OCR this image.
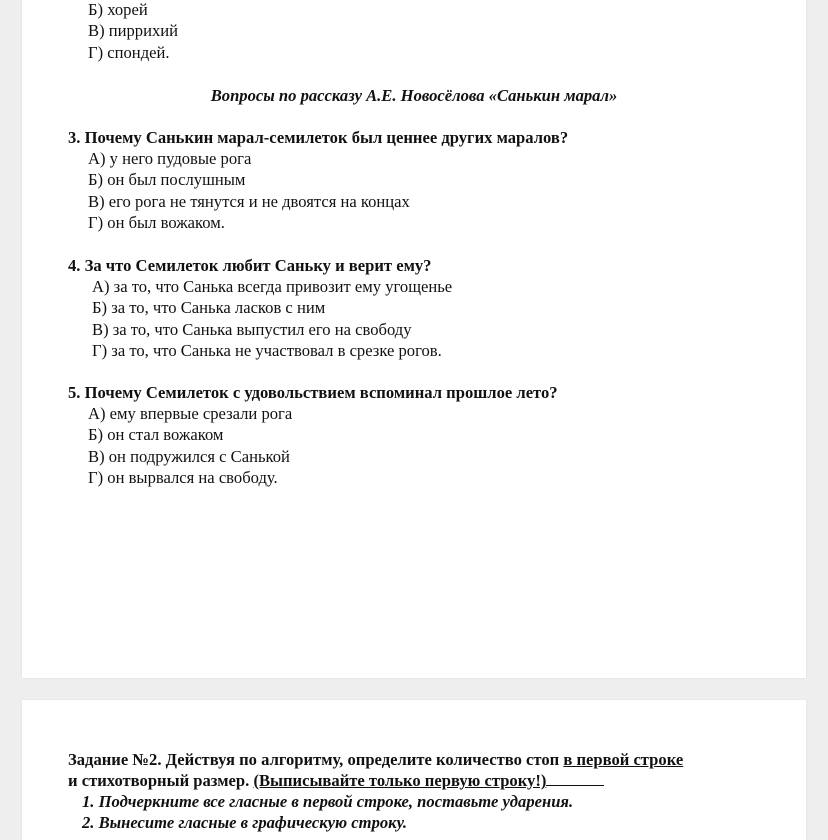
Б) хорей
В) пиррихий
Г) спондей.
Вопросы по рассказу А.Е. Новосёлова «Санькин марал»
3. Почему Санькин марал-семилеток был ценнее других маралов?
А) у него пудовые рога
Б) он был послушным
В) его рога не тянутся и не двоятся на концах
Г) он был вожаком.
4. За что Семилеток любит Саньку и верит ему?
А) за то, что Санька всегда привозит ему угощенье
Б) за то, что Санька ласков с ним
В) за то, что Санька выпустил его на свободу
Г) за то, что Санька не участвовал в срезке рогов.
5. Почему Семилеток с удовольствием вспоминал прошлое лето?
А) ему впервые срезали рога
Б) он стал вожаком
В) он подружился с Санькой
Г) он вырвался на свободу.
Задание №2. Действуя по алгоритму, определите количество стоп в первой строке
и стихотворный размер. (Выписывайте только первую строку!)
1. Подчеркните все гласные в первой строке, поставьте ударения.
2. Вынесите гласные в графическую строку.
